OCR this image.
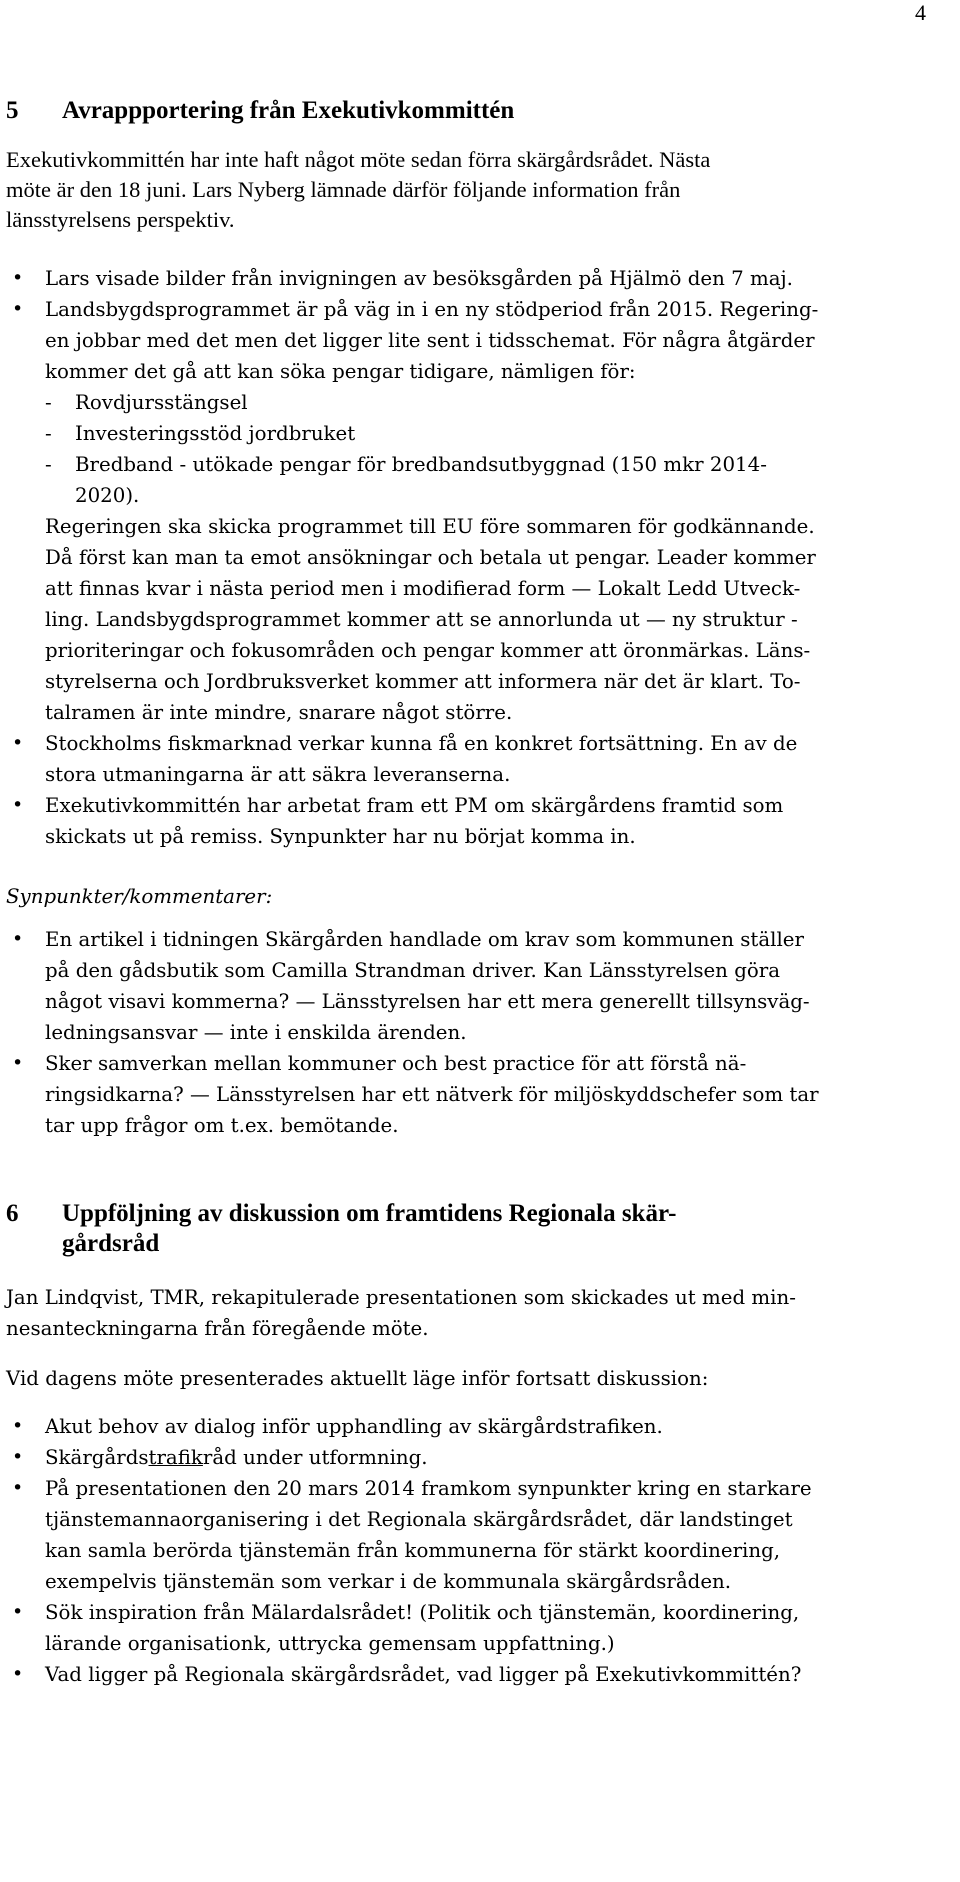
4
5	Avrappportering från Exekutivkommittén
Exekutivkommittén har inte haft något möte sedan förra skärgårdsrådet. Nästa
möte är den 18 juni. Lars Nyberg lämnade därför följande information från
länsstyrelsens perspektiv.
• Lars visade bilder från invigningen av besöksgården på Hjälmö den 7 maj.
• Landsbygdsprogrammet är på väg in i en ny stödperiod från 2015. Regering-
en jobbar med det men det ligger lite sent i tidsschemat. För några åtgärder
kommer det gå att kan söka pengar tidigare, nämligen för:
-	Rovdjursstängsel
-	Investeringsstöd jordbruket
-	Bredband - utökade pengar för bredbandsutbyggnad (150 mkr 2014-
2020).
Regeringen ska skicka programmet till EU före sommaren för godkännande.
Då först kan man ta emot ansökningar och betala ut pengar. Leader kommer
att finnas kvar i nästa period men i modifierad form — Lokalt Ledd Utveck-
ling. Landsbygdsprogrammet kommer att se annorlunda ut — ny struktur -
prioriteringar och fokusområden och pengar kommer att öronmärkas. Läns-
styrelserna och Jordbruksverket kommer att informera när det är klart. To-
talramen är inte mindre, snarare något större.
• Stockholms fiskmarknad verkar kunna få en konkret fortsättning. En av de
stora utmaningarna är att säkra leveranserna.
• Exekutivkommittén har arbetat fram ett PM om skärgårdens framtid som
skickats ut på remiss. Synpunkter har nu börjat komma in.
Synpunkter/kommentarer:
• En artikel i tidningen Skärgården handlade om krav som kommunen ställer
på den gådsbutik som Camilla Strandman driver. Kan Länsstyrelsen göra
något visavi kommerna? — Länsstyrelsen har ett mera generellt tillsynsväg-
ledningsansvar — inte i enskilda ärenden.
• Sker samverkan mellan kommuner och best practice för att förstå nä-
ringsidkarna? — Länsstyrelsen har ett nätverk för miljöskyddschefer som tar
tar upp frågor om t.ex. bemötande.
6	Uppföljning av diskussion om framtidens Regionala skär-
gårdsråd
Jan Lindqvist, TMR, rekapitulerade presentationen som skickades ut med min-
nesanteckningarna från föregående möte.
Vid dagens möte presenterades aktuellt läge inför fortsatt diskussion:
• Akut behov av dialog inför upphandling av skärgårdstrafiken.
• Skärgårdstrafikråd under utformning.
• På presentationen den 20 mars 2014 framkom synpunkter kring en starkare
tjänstemannaorganisering i det Regionala skärgårdsrådet, där landstinget
kan samla berörda tjänstemän från kommunerna för stärkt koordinering,
exempelvis tjänstemän som verkar i de kommunala skärgårdsråden.
• Sök inspiration från Mälardalsrådet! (Politik och tjänstemän, koordinering,
lärande organisationk, uttrycka gemensam uppfattning.)
• Vad ligger på Regionala skärgårdsrådet, vad ligger på Exekutivkommittén?
